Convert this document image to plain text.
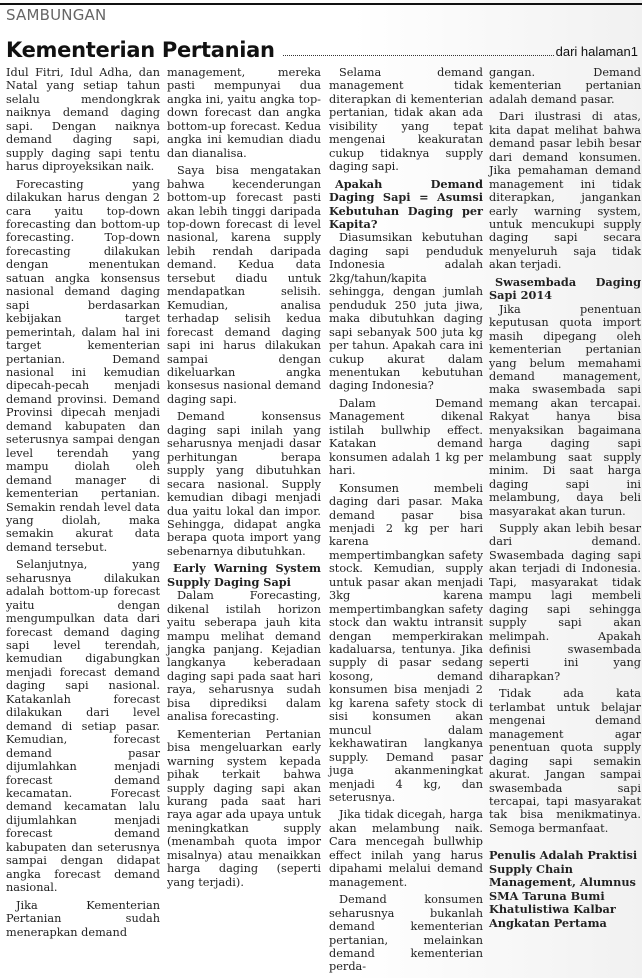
SAMBUNGAN
Kementerian Pertanian	dari halaman1

Idul Fitri, Idul Adha, dan Natal yang setiap tahun selalu mendongkrak naiknya demand daging sapi. Dengan naiknya demand daging sapi, supply daging sapi tentu harus diproyeksikan naik.

Forecasting yang dilakukan harus dengan 2 cara yaitu top-down forecasting dan bottom-up forecasting. Top-down forecasting dilakukan dengan menentukan satuan angka konsensus nasional demand daging sapi berdasarkan kebijakan target pemerintah, dalam hal ini target kementerian pertanian. Demand nasional ini kemudian dipecah-pecah menjadi demand provinsi. Demand Provinsi dipecah menjadi demand kabupaten dan seterusnya sampai dengan level terendah yang mampu diolah oleh demand manager di kementerian pertanian. Semakin rendah level data yang diolah, maka semakin akurat data demand tersebut.

Selanjutnya, yang seharusnya dilakukan adalah bottom-up forecast yaitu dengan mengumpulkan data dari forecast demand daging sapi level terendah, kemudian digabungkan menjadi forecast demand daging sapi nasional. Katakanlah forecast dilakukan dari level demand di setiap pasar. Kemudian, forecast demand pasar dijumlahkan menjadi forecast demand kecamatan. Forecast demand kecamatan lalu dijumlahkan menjadi forecast demand kabupaten dan seterusnya sampai dengan didapat angka forecast demand nasional.

Jika Kementerian Pertanian sudah menerapkan demand

management, mereka pasti mempunyai dua angka ini, yaitu angka top-down forecast dan angka bottom-up forecast. Kedua angka ini kemudian diadu dan dianalisa.

Saya bisa mengatakan bahwa kecenderungan bottom-up forecast pasti akan lebih tinggi daripada top-down forecast di level nasional, karena supply lebih rendah daripada demand. Kedua data tersebut diadu untuk mendapatkan selisih. Kemudian, analisa terhadap selisih kedua forecast demand daging sapi ini harus dilakukan sampai dengan dikeluarkan angka konsesus nasional demand daging sapi.

Demand konsensus daging sapi inilah yang seharusnya menjadi dasar perhitungan berapa supply yang dibutuhkan secara nasional. Supply kemudian dibagi menjadi dua yaitu lokal dan impor. Sehingga, didapat angka berapa quota import yang sebenarnya dibutuhkan.

Early Warning System Supply Daging Sapi

Dalam Forecasting, dikenal istilah horizon yaitu seberapa jauh kita mampu melihat demand jangka panjang. Kejadian langkanya keberadaan daging sapi pada saat hari raya, seharusnya sudah bisa diprediksi dalam analisa forecasting.

Kementerian Pertanian bisa mengeluarkan early warning system kepada pihak terkait bahwa supply daging sapi akan kurang pada saat hari raya agar ada upaya untuk meningkatkan supply (menambah quota impor misalnya) atau menaikkan harga daging (seperti yang terjadi).

Selama demand management tidak diterapkan di kementerian pertanian, tidak akan ada visibility yang tepat mengenai keakuratan cukup tidaknya supply daging sapi.

Apakah Demand Daging Sapi = Asumsi Kebutuhan Daging per Kapita?

Diasumsikan kebutuhan daging sapi penduduk Indonesia adalah 2kg/tahun/kapita sehingga, dengan jumlah penduduk 250 juta jiwa, maka dibutuhkan daging sapi sebanyak 500 juta kg per tahun. Apakah cara ini cukup akurat dalam menentukan kebutuhan daging Indonesia?

Dalam Demand Management dikenal istilah bullwhip effect. Katakan demand konsumen adalah 1 kg per hari.

Konsumen membeli daging dari pasar. Maka demand pasar bisa menjadi 2 kg per hari karena mempertimbangkan safety stock. Kemudian, supply untuk pasar akan menjadi 3kg karena mempertimbangkan safety stock dan waktu intransit dengan memperkirakan kadaluarsa, tentunya. Jika supply di pasar sedang kosong, demand konsumen bisa menjadi 2 kg karena safety stock di sisi konsumen akan muncul dalam kekhawatiran langkanya supply. Demand pasar juga akanmeningkat menjadi 4 kg, dan seterusnya.

Jika tidak dicegah, harga akan melambung naik. Cara mencegah bullwhip effect inilah yang harus dipahami melalui demand management.

Demand konsumen seharusnya bukanlah demand kementerian pertanian, melainkan demand kementerian perda-

gangan. Demand kementerian pertanian adalah demand pasar.

Dari ilustrasi di atas, kita dapat melihat bahwa demand pasar lebih besar dari demand konsumen. Jika pemahaman demand management ini tidak diterapkan, jangankan early warning system, untuk mencukupi supply daging sapi secara menyeluruh saja tidak akan terjadi.

Swasembada Daging Sapi 2014

Jika penentuan keputusan quota import masih dipegang oleh kementerian pertanian yang belum memahami demand management, maka swasembada sapi memang akan tercapai. Rakyat hanya bisa menyaksikan bagaimana harga daging sapi melambung saat supply minim. Di saat harga daging sapi ini melambung, daya beli masyarakat akan turun.

Supply akan lebih besar dari demand. Swasembada daging sapi akan terjadi di Indonesia. Tapi, masyarakat tidak mampu lagi membeli daging sapi sehingga supply sapi akan melimpah. Apakah definisi swasembada seperti ini yang diharapkan?

Tidak ada kata terlambat untuk belajar mengenai demand management agar penentuan quota supply daging sapi semakin akurat. Jangan sampai swasembada sapi tercapai, tapi masyarakat tak bisa menikmatinya. Semoga bermanfaat.

Penulis Adalah Praktisi Supply Chain Management, Alumnus SMA Taruna Bumi Khatulistiwa Kalbar Angkatan Pertama
